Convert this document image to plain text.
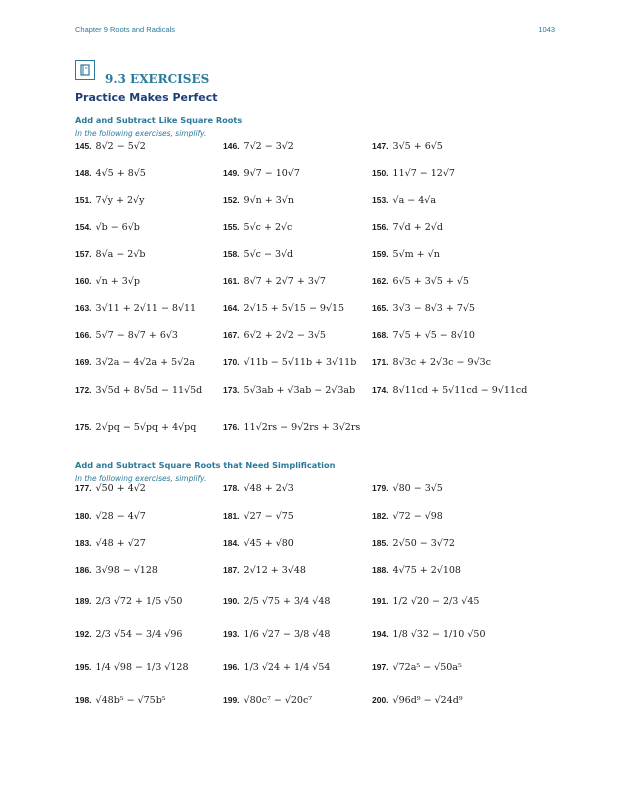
Chapter 9 Roots and Radicals	1043
9.3 EXERCISES
Practice Makes Perfect
Add and Subtract Like Square Roots
In the following exercises, simplify.
Add and Subtract Square Roots that Need Simplification
In the following exercises, simplify.
145. 8√2 − 5√2	146. 7√2 − 3√2	147. 3√5 + 6√5
148. 4√5 + 8√5	149. 9√7 − 10√7	150. 11√7 − 12√7
151. 7√y + 2√y	152. 9√n + 3√n	153. √a − 4√a
154. √b − 6√b	155. 5√c + 2√c	156. 7√d + 2√d
157. 8√a − 2√b	158. 5√c − 3√d	159. 5√m + √n
160. √n + 3√p	161. 8√7 + 2√7 + 3√7	162. 6√5 + 3√5 + √5
163. 3√11 + 2√11 − 8√11	164. 2√15 + 5√15 − 9√15	165. 3√3 − 8√3 + 7√5
166. 5√7 − 8√7 + 6√3	167. 6√2 + 2√2 − 3√5	168. 7√5 + √5 − 8√10
169. 3√2a − 4√2a + 5√2a	170. √11b − 5√11b + 3√11b 171. 8√3c + 2√3c − 9√3c
172. 3√5d + 8√5d − 11√5d 173. 5√3ab + √3ab − 2√3ab 174. 8√11cd + 5√11cd − 9√11cd
175. 2√pq − 5√pq + 4√pq	176. 11√2rs − 9√2rs + 3√2rs
177. √50 + 4√2	178. √48 + 2√3	179. √80 − 3√5
180. √28 − 4√7	181. √27 − √75	182. √72 − √98
183. √48 + √27	184. √45 + √80	185. 2√50 − 3√72
186. 3√98 − √128	187. 2√12 + 3√48	188. 4√75 + 2√108
189. 2/3 √72 + 1/5 √50	190. 2/5 √75 + 3/4 √48	191. 1/2 √20 − 2/3 √45
192. 2/3 √54 − 3/4 √96	193. 1/6 √27 − 3/8 √48	194. 1/8 √32 − 1/10 √50
195. 1/4 √98 − 1/3 √128	196. 1/3 √24 + 1/4 √54	197. √72a⁵ − √50a⁵
198. √48b⁵ − √75b⁵	199. √80c⁷ − √20c⁷	200. √96d⁹ − √24d⁹
